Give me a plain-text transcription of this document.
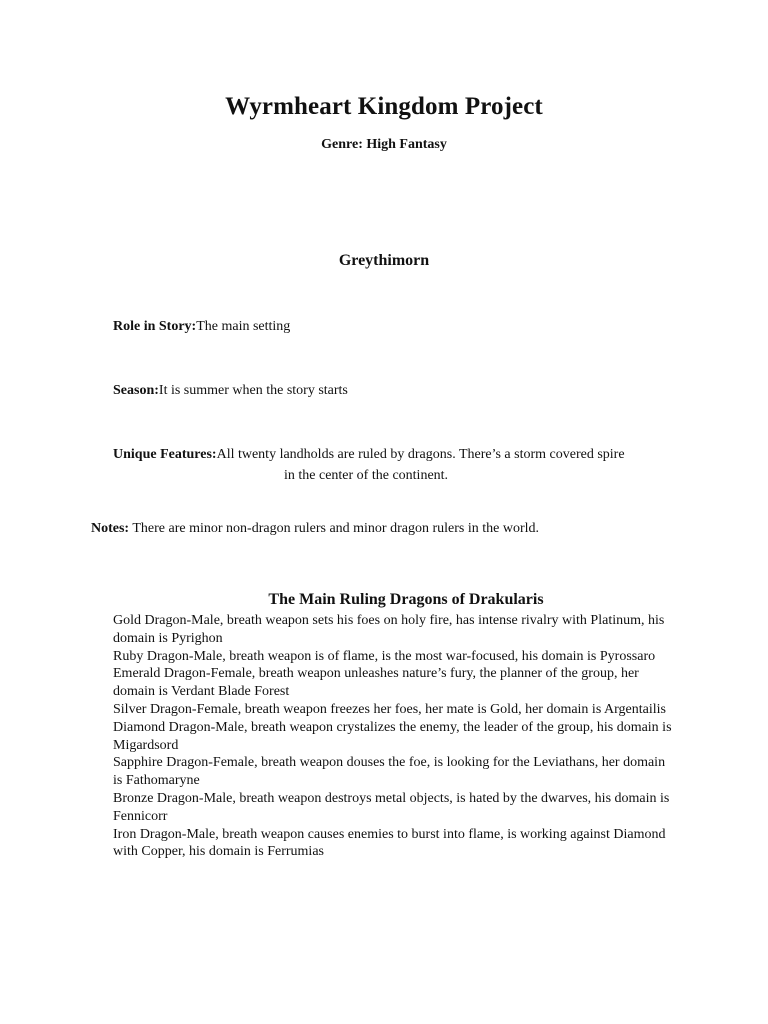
Wyrmheart Kingdom Project
Genre: High Fantasy
Greythimorn
Role in Story:The main setting
Season:It is summer when the story starts
Unique Features:All twenty landholds are ruled by dragons. There’s a storm covered spire
in the center of the continent.
Notes: There are minor non-dragon rulers and minor dragon rulers in the world.
The Main Ruling Dragons of Drakularis
Gold Dragon-Male, breath weapon sets his foes on holy fire, has intense rivalry with Platinum, his domain is Pyrighon
Ruby Dragon-Male, breath weapon is of flame, is the most war-focused, his domain is Pyrossaro
Emerald Dragon-Female, breath weapon unleashes nature’s fury, the planner of the group, her domain is Verdant Blade Forest
Silver Dragon-Female, breath weapon freezes her foes, her mate is Gold, her domain is Argentailis
Diamond Dragon-Male, breath weapon crystalizes the enemy, the leader of the group, his domain is Migardsord
Sapphire Dragon-Female, breath weapon douses the foe, is looking for the Leviathans, her domain is Fathomaryne
Bronze Dragon-Male, breath weapon destroys metal objects, is hated by the dwarves, his domain is Fennicorr
Iron Dragon-Male, breath weapon causes enemies to burst into flame, is working against Diamond with Copper, his domain is Ferrumias
